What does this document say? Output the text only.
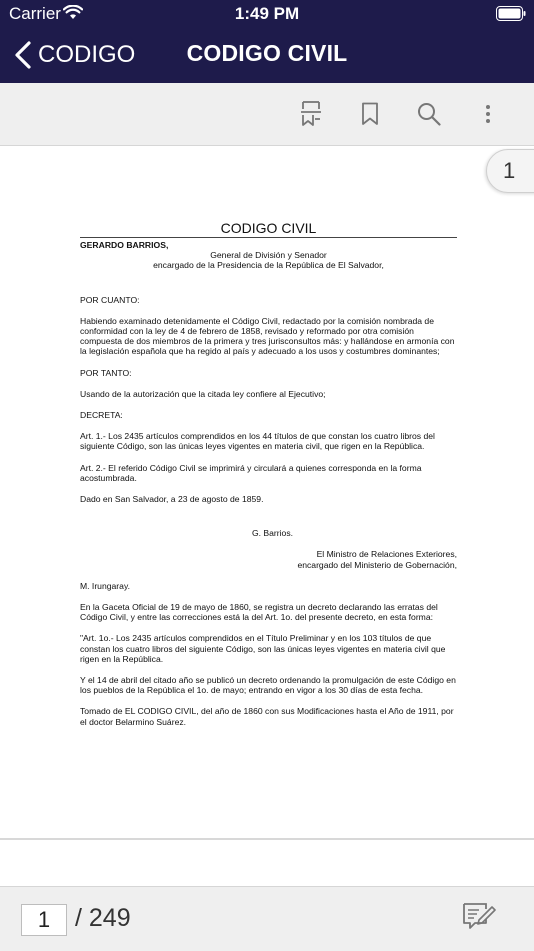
Carrier	1:49 PM
CODIGO	CODIGO CIVIL
1
CODIGO CIVIL

GERARDO BARRIOS,

General de División y Senador

encargado de la Presidencia de la República de El Salvador,

POR CUANTO:

Habiendo examinado detenidamente el Código Civil, redactado por la comisión nombrada de conformidad con la ley de 4 de febrero de 1858, revisado y reformado por otra comisión compuesta de dos miembros de la primera y tres jurisconsultos más: y hallándose en armonía con la legislación española que ha regido al país y adecuado a los usos y costumbres dominantes;

POR TANTO:

Usando de la autorización que la citada ley confiere al Ejecutivo;

DECRETA:

Art. 1.- Los 2435 artículos comprendidos en los 44 títulos de que constan los cuatro libros del siguiente Código, son las únicas leyes vigentes en materia civil, que rigen en la República.

Art. 2.- El referido Código Civil se imprimirá y circulará a quienes corresponda en la forma acostumbrada.

Dado en San Salvador, a 23 de agosto de 1859.

G. Barrios.

El Ministro de Relaciones Exteriores,

encargado del Ministerio de Gobernación,

M. Irungaray.

En la Gaceta Oficial de 19 de mayo de 1860, se registra un decreto declarando las erratas del Código Civil, y entre las correcciones está la del Art. 1o. del presente decreto, en esta forma:

"Art. 1o.- Los 2435 artículos comprendidos en el Título Preliminar y en los 103 títulos de que constan los cuatro libros del siguiente Código, son las únicas leyes vigentes en materia civil que rigen en la República.

Y el 14 de abril del citado año se publicó un decreto ordenando la promulgación de este Código en los pueblos de la República el 1o. de mayo; entrando en vigor a los 30 días de esta fecha.

Tomado de EL CODIGO CIVIL, del año de 1860 con sus Modificaciones hasta el Año de 1911, por el doctor Belarmino Suárez.

1 / 249
